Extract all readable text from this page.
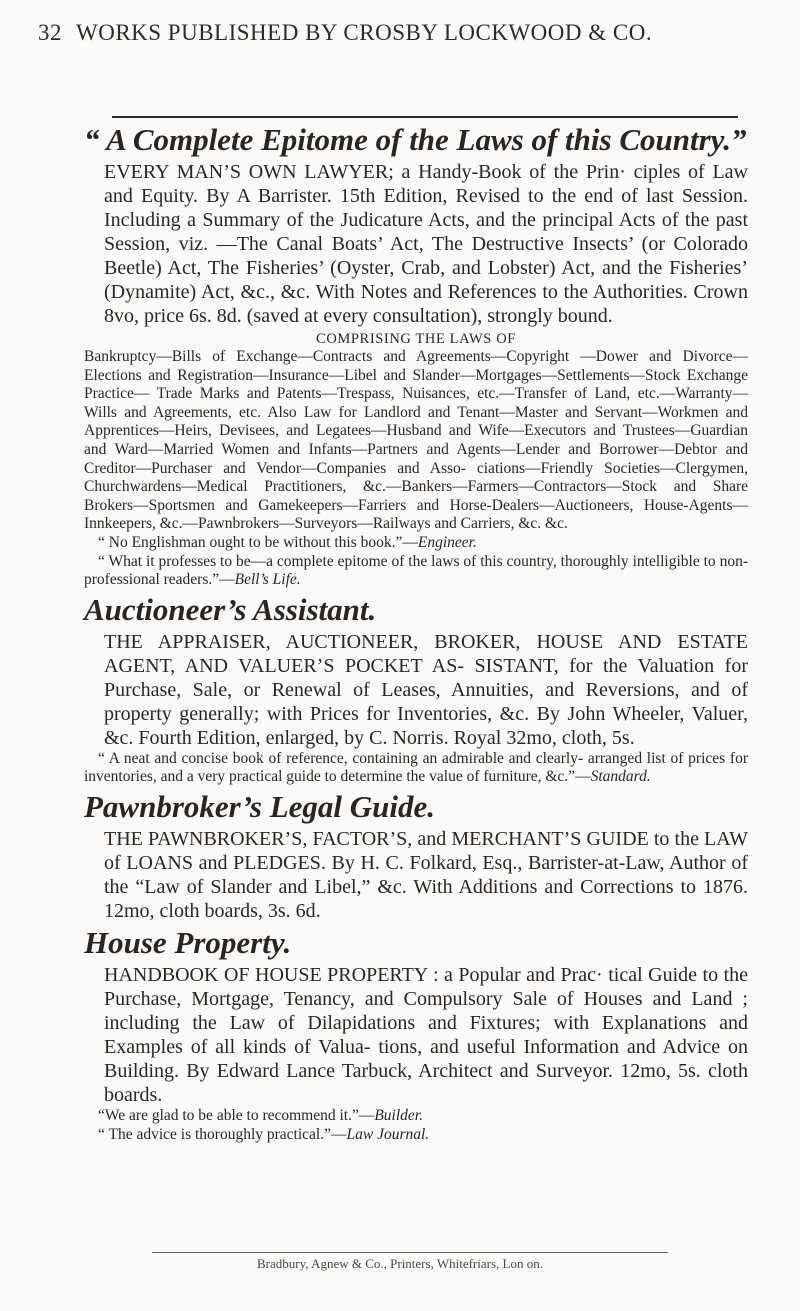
32 WORKS PUBLISHED BY CROSBY LOCKWOOD & CO.

“ A Complete Epitome of the Laws of this Country.”

EVERY MAN’S OWN LAWYER; a Handy-Book of the Prin· ciples of Law and Equity. By A Barrister. 15th Edition, Revised to the end of last Session. Including a Summary of the Judicature Acts, and the principal Acts of the past Session, viz. —The Canal Boats’ Act, The Destructive Insects’ (or Colorado Beetle) Act, The Fisheries’ (Oyster, Crab, and Lobster) Act, and the Fisheries’ (Dynamite) Act, &c., &c. With Notes and References to the Authorities. Crown 8vo, price 6s. 8d. (saved at every consultation), strongly bound.

COMPRISING THE LAWS OF

Bankruptcy—Bills of Exchange—Contracts and Agreements—Copyright —Dower and Divorce—Elections and Registration—Insurance—Libel and Slander—Mortgages—Settlements—Stock Exchange Practice— Trade Marks and Patents—Trespass, Nuisances, etc.—Transfer of Land, etc.—Warranty—Wills and Agreements, etc. Also Law for Landlord and Tenant—Master and Servant—Workmen and Apprentices—Heirs, Devisees, and Legatees—Husband and Wife—Executors and Trustees—Guardian and Ward—Married Women and Infants—Partners and Agents—Lender and Borrower—Debtor and Creditor—Purchaser and Vendor—Companies and Asso- ciations—Friendly Societies—Clergymen, Churchwardens—Medical Practitioners, &c.—Bankers—Farmers—Contractors—Stock and Share Brokers—Sportsmen and Gamekeepers—Farriers and Horse-Dealers—Auctioneers, House-Agents— Innkeepers, &c.—Pawnbrokers—Surveyors—Railways and Carriers, &c. &c.

“ No Englishman ought to be without this book.”—Engineer.

“ What it professes to be—a complete epitome of the laws of this country, thoroughly intelligible to non-professional readers.”—Bell’s Life.

Auctioneer’s Assistant.

THE APPRAISER, AUCTIONEER, BROKER, HOUSE AND ESTATE AGENT, AND VALUER’S POCKET AS- SISTANT, for the Valuation for Purchase, Sale, or Renewal of Leases, Annuities, and Reversions, and of property generally; with Prices for Inventories, &c. By John Wheeler, Valuer, &c. Fourth Edition, enlarged, by C. Norris. Royal 32mo, cloth, 5s.

“ A neat and concise book of reference, containing an admirable and clearly- arranged list of prices for inventories, and a very practical guide to determine the value of furniture, &c.”—Standard.

Pawnbroker’s Legal Guide.

THE PAWNBROKER’S, FACTOR’S, and MERCHANT’S GUIDE to the LAW of LOANS and PLEDGES. By H. C. Folkard, Esq., Barrister-at-Law, Author of the “Law of Slander and Libel,” &c. With Additions and Corrections to 1876. 12mo, cloth boards, 3s. 6d.

House Property.

HANDBOOK OF HOUSE PROPERTY : a Popular and Prac· tical Guide to the Purchase, Mortgage, Tenancy, and Compulsory Sale of Houses and Land ; including the Law of Dilapidations and Fixtures; with Explanations and Examples of all kinds of Valua- tions, and useful Information and Advice on Building. By Edward Lance Tarbuck, Architect and Surveyor. 12mo, 5s. cloth boards.

“We are glad to be able to recommend it.”—Builder.

“ The advice is thoroughly practical.”—Law Journal.

Bradbury, Agnew & Co., Printers, Whitefriars, Lon on.
